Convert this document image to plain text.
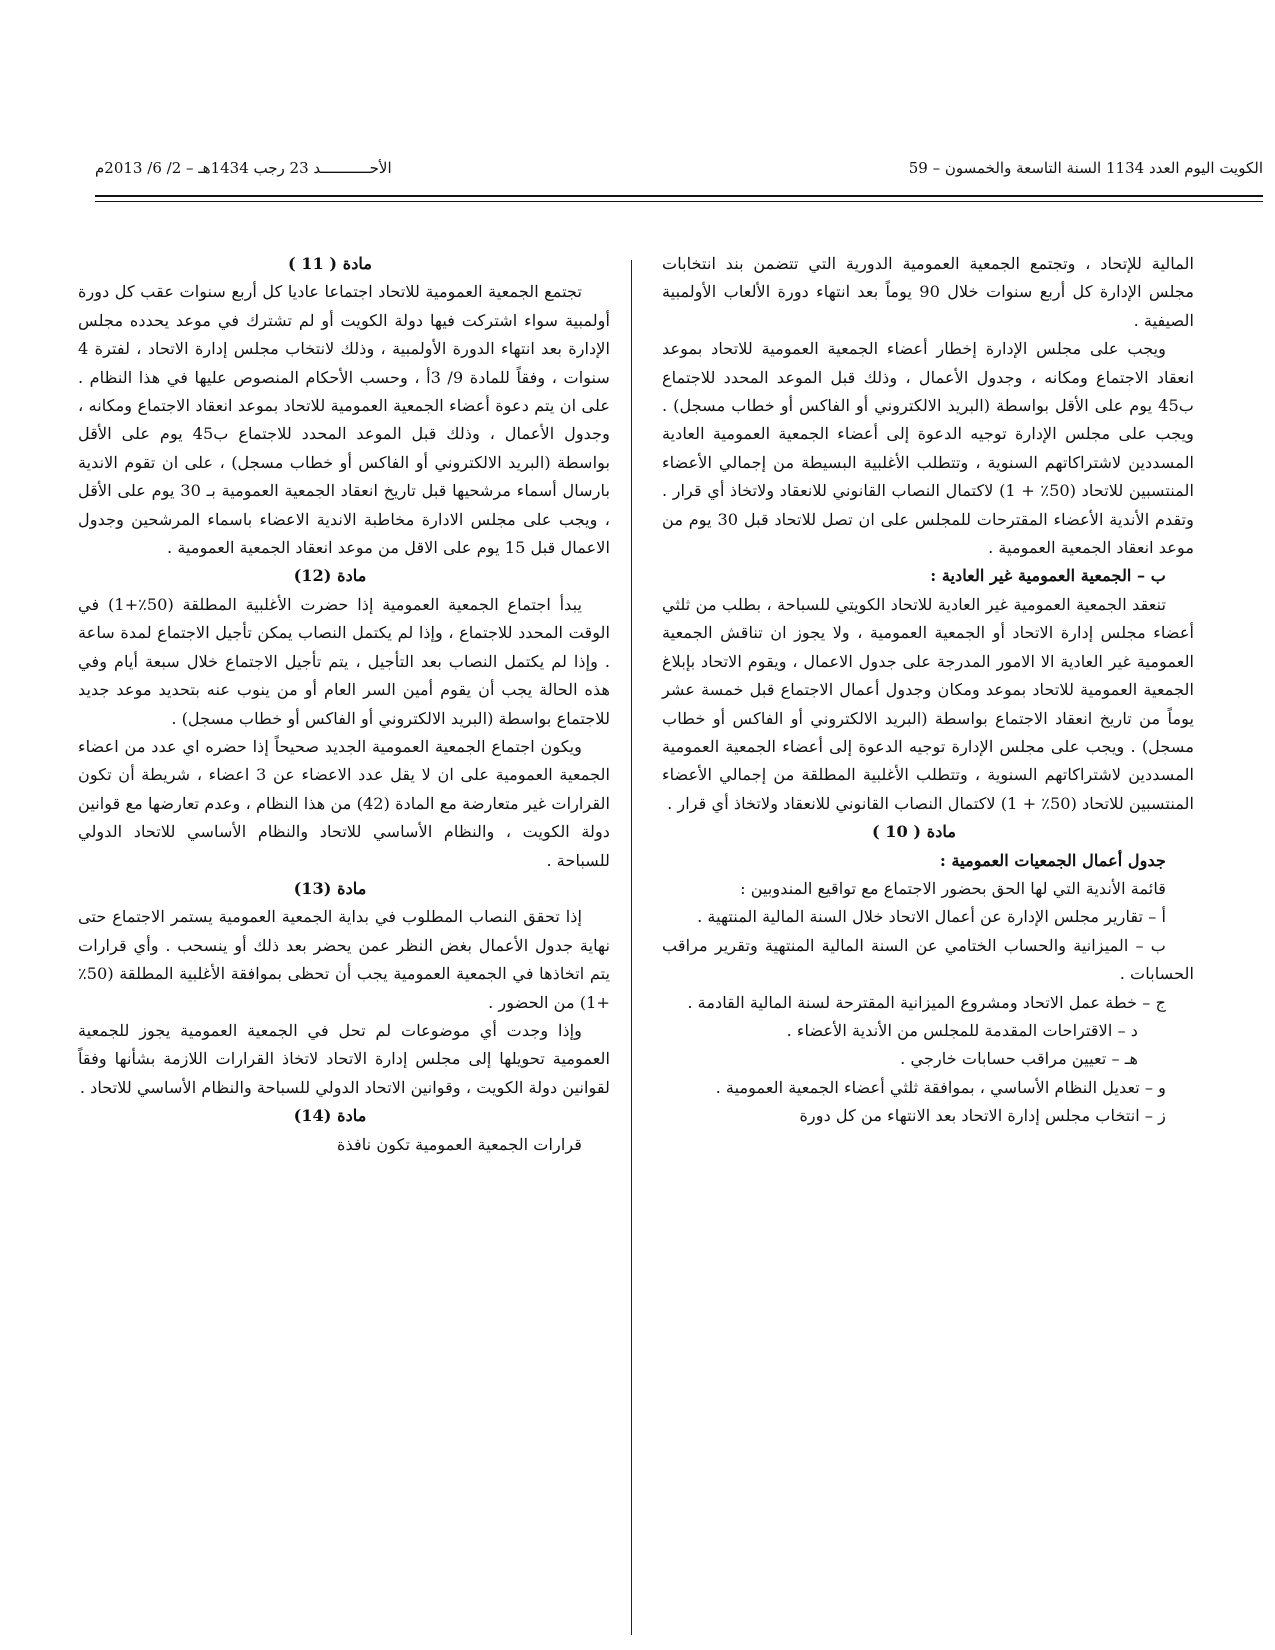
الكويت اليوم العدد 1134 السنة التاسعة والخمسون – 59
الأحـــــــــــد 23 رجب 1434هـ – 2/ 6/ 2013م

المالية للإتحاد ، وتجتمع الجمعية العمومية الدورية التي تتضمن بند انتخابات مجلس الإدارة كل أربع سنوات خلال 90 يوماً بعد انتهاء دورة الألعاب الأولمبية الصيفية .

ويجب على مجلس الإدارة إخطار أعضاء الجمعية العمومية للاتحاد بموعد انعقاد الاجتماع ومكانه ، وجدول الأعمال ، وذلك قبل الموعد المحدد للاجتماع ب45 يوم على الأقل بواسطة (البريد الالكتروني أو الفاكس أو خطاب مسجل) . ويجب على مجلس الإدارة توجيه الدعوة إلى أعضاء الجمعية العمومية العادية المسددين لاشتراكاتهم السنوية ، وتتطلب الأغلبية البسيطة من إجمالي الأعضاء المنتسبين للاتحاد (50٪ + 1) لاكتمال النصاب القانوني للانعقاد ولاتخاذ أي قرار . وتقدم الأندية الأعضاء المقترحات للمجلس على ان تصل للاتحاد قبل 30 يوم من موعد انعقاد الجمعية العمومية .

ب – الجمعية العمومية غير العادية :

تنعقد الجمعية العمومية غير العادية للاتحاد الكويتي للسباحة ، بطلب من ثلثي أعضاء مجلس إدارة الاتحاد أو الجمعية العمومية ، ولا يجوز ان تناقش الجمعية العمومية غير العادية الا الامور المدرجة على جدول الاعمال ، ويقوم الاتحاد بإبلاغ الجمعية العمومية للاتحاد بموعد ومكان وجدول أعمال الاجتماع قبل خمسة عشر يوماً من تاريخ انعقاد الاجتماع بواسطة (البريد الالكتروني أو الفاكس أو خطاب مسجل) . ويجب على مجلس الإدارة توجيه الدعوة إلى أعضاء الجمعية العمومية المسددين لاشتراكاتهم السنوية ، وتتطلب الأغلبية المطلقة من إجمالي الأعضاء المنتسبين للاتحاد (50٪ + 1) لاكتمال النصاب القانوني للانعقاد ولاتخاذ أي قرار .

مادة ( 10 )

جدول أعمال الجمعيات العمومية :

قائمة الأندية التي لها الحق بحضور الاجتماع مع تواقيع المندوبين :

أ – تقارير مجلس الإدارة عن أعمال الاتحاد خلال السنة المالية المنتهية .

ب – الميزانية والحساب الختامي عن السنة المالية المنتهية وتقرير مراقب الحسابات .

ج – خطة عمل الاتحاد ومشروع الميزانية المقترحة لسنة المالية القادمة .

د – الاقتراحات المقدمة للمجلس من الأندية الأعضاء .

هـ – تعيين مراقب حسابات خارجي .

و – تعديل النظام الأساسي ، بموافقة ثلثي أعضاء الجمعية العمومية .

ز – انتخاب مجلس إدارة الاتحاد بعد الانتهاء من كل دورة

مادة ( 11 )

تجتمع الجمعية العمومية للاتحاد اجتماعا عاديا كل أربع سنوات عقب كل دورة أولمبية سواء اشتركت فيها دولة الكويت أو لم تشترك في موعد يحدده مجلس الإدارة بعد انتهاء الدورة الأولمبية ، وذلك لانتخاب مجلس إدارة الاتحاد ، لفترة 4 سنوات ، وفقاً للمادة 9/ 3أ ، وحسب الأحكام المنصوص عليها في هذا النظام . على ان يتم دعوة أعضاء الجمعية العمومية للاتحاد بموعد انعقاد الاجتماع ومكانه ، وجدول الأعمال ، وذلك قبل الموعد المحدد للاجتماع ب45 يوم على الأقل بواسطة (البريد الالكتروني أو الفاكس أو خطاب مسجل) ، على ان تقوم الاندية بارسال أسماء مرشحيها قبل تاريخ انعقاد الجمعية العمومية بـ 30 يوم على الأقل ، ويجب على مجلس الادارة مخاطبة الاندية الاعضاء باسماء المرشحين وجدول الاعمال قبل 15 يوم على الاقل من موعد انعقاد الجمعية العمومية .

مادة (12)

يبدأ اجتماع الجمعية العمومية إذا حضرت الأغلبية المطلقة (50٪+1) في الوقت المحدد للاجتماع ، وإذا لم يكتمل النصاب يمكن تأجيل الاجتماع لمدة ساعة . وإذا لم يكتمل النصاب بعد التأجيل ، يتم تأجيل الاجتماع خلال سبعة أيام وفي هذه الحالة يجب أن يقوم أمين السر العام أو من ينوب عنه بتحديد موعد جديد للاجتماع بواسطة (البريد الالكتروني أو الفاكس أو خطاب مسجل) .

ويكون اجتماع الجمعية العمومية الجديد صحيحاً إذا حضره اي عدد من اعضاء الجمعية العمومية على ان لا يقل عدد الاعضاء عن 3 اعضاء ، شريطة أن تكون القرارات غير متعارضة مع المادة (42) من هذا النظام ، وعدم تعارضها مع قوانين دولة الكويت ، والنظام الأساسي للاتحاد والنظام الأساسي للاتحاد الدولي للسباحة .

مادة (13)

إذا تحقق النصاب المطلوب في بداية الجمعية العمومية يستمر الاجتماع حتى نهاية جدول الأعمال بغض النظر عمن يحضر بعد ذلك أو ينسحب . وأي قرارات يتم اتخاذها في الجمعية العمومية يجب أن تحظى بموافقة الأغلبية المطلقة (50٪+1) من الحضور .

وإذا وجدت أي موضوعات لم تحل في الجمعية العمومية يجوز للجمعية العمومية تحويلها إلى مجلس إدارة الاتحاد لاتخاذ القرارات اللازمة بشأنها وفقاً لقوانين دولة الكويت ، وقوانين الاتحاد الدولي للسباحة والنظام الأساسي للاتحاد .

مادة (14)

قرارات الجمعية العمومية تكون نافذة
